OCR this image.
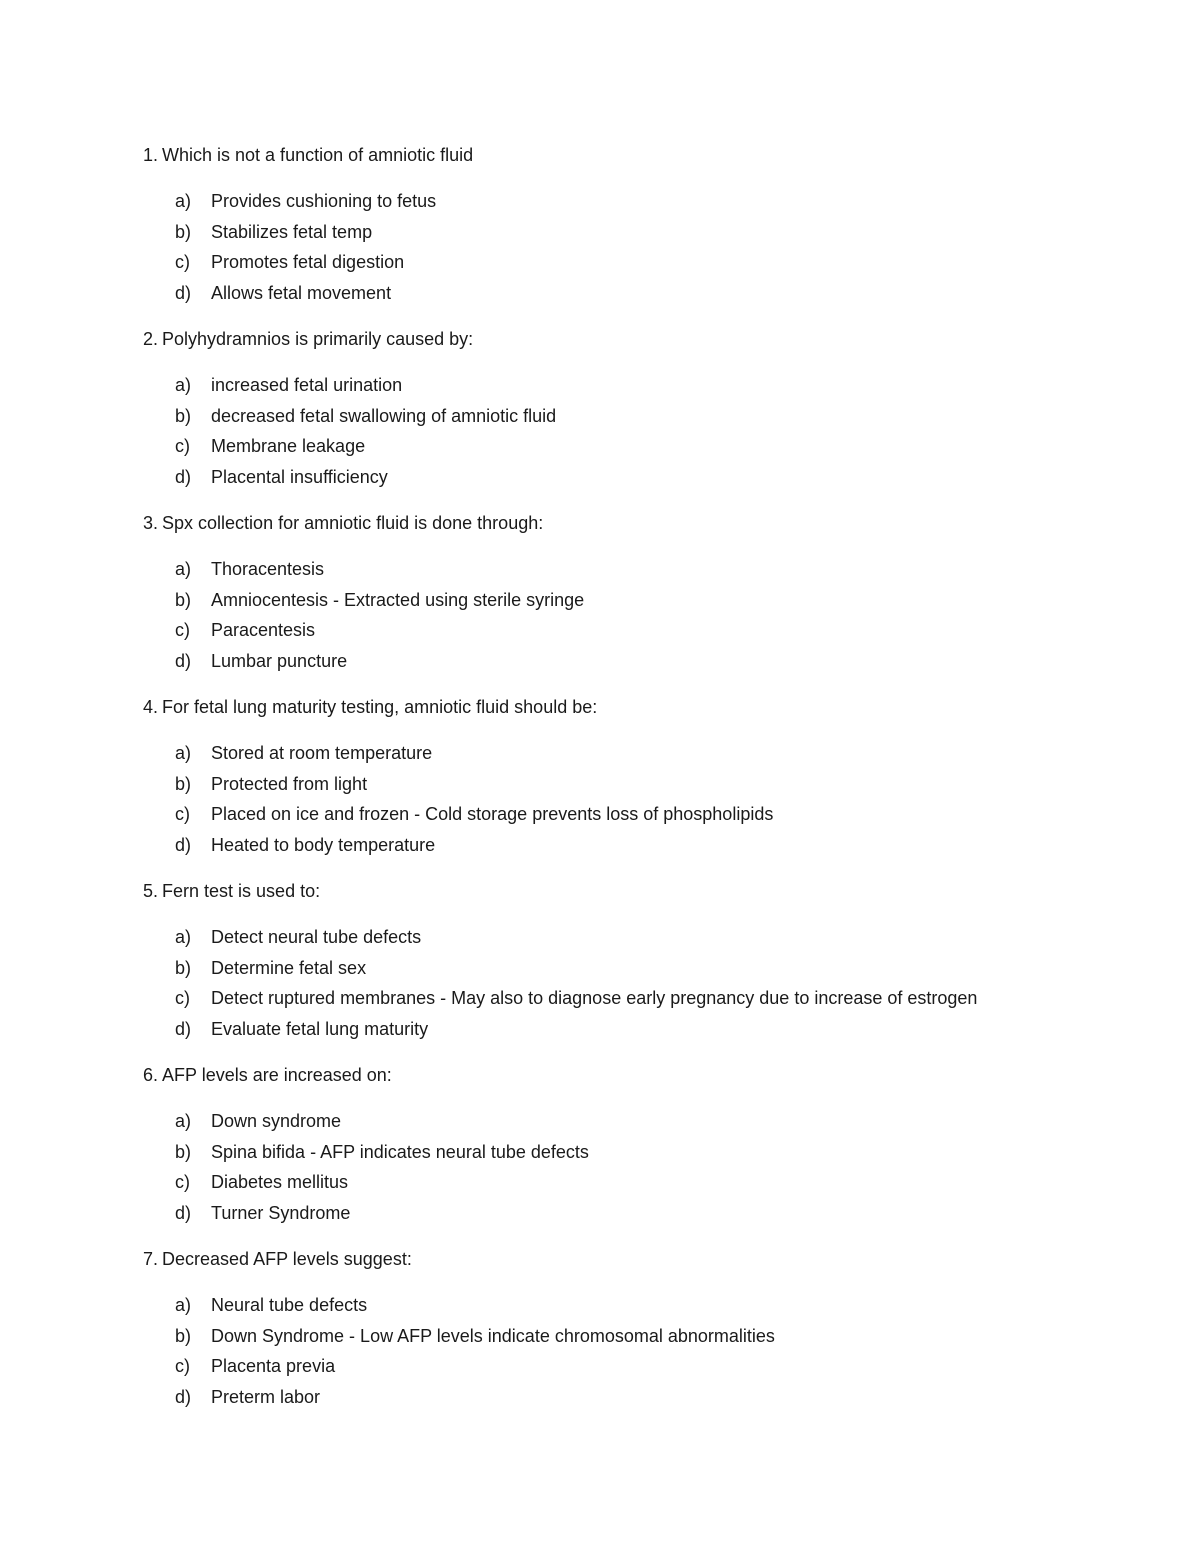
1. Which is not a function of amniotic fluid
a) Provides cushioning to fetus
b) Stabilizes fetal temp
c) Promotes fetal digestion
d) Allows fetal movement
2. Polyhydramnios is primarily caused by:
a) increased fetal urination
b) decreased fetal swallowing of amniotic fluid
c) Membrane leakage
d) Placental insufficiency
3. Spx collection for amniotic fluid is done through:
a) Thoracentesis
b) Amniocentesis - Extracted using sterile syringe
c) Paracentesis
d) Lumbar puncture
4. For fetal lung maturity testing, amniotic fluid should be:
a) Stored at room temperature
b) Protected from light
c) Placed on ice and frozen - Cold storage prevents loss of phospholipids
d) Heated to body temperature
5. Fern test is used to:
a) Detect neural tube defects
b) Determine fetal sex
c) Detect ruptured membranes - May also to diagnose early pregnancy due to increase of estrogen
d) Evaluate fetal lung maturity
6. AFP levels are increased on:
a) Down syndrome
b) Spina bifida - AFP indicates neural tube defects
c) Diabetes mellitus
d) Turner Syndrome
7. Decreased AFP levels suggest:
a) Neural tube defects
b) Down Syndrome - Low AFP levels indicate chromosomal abnormalities
c) Placenta previa
d) Preterm labor
